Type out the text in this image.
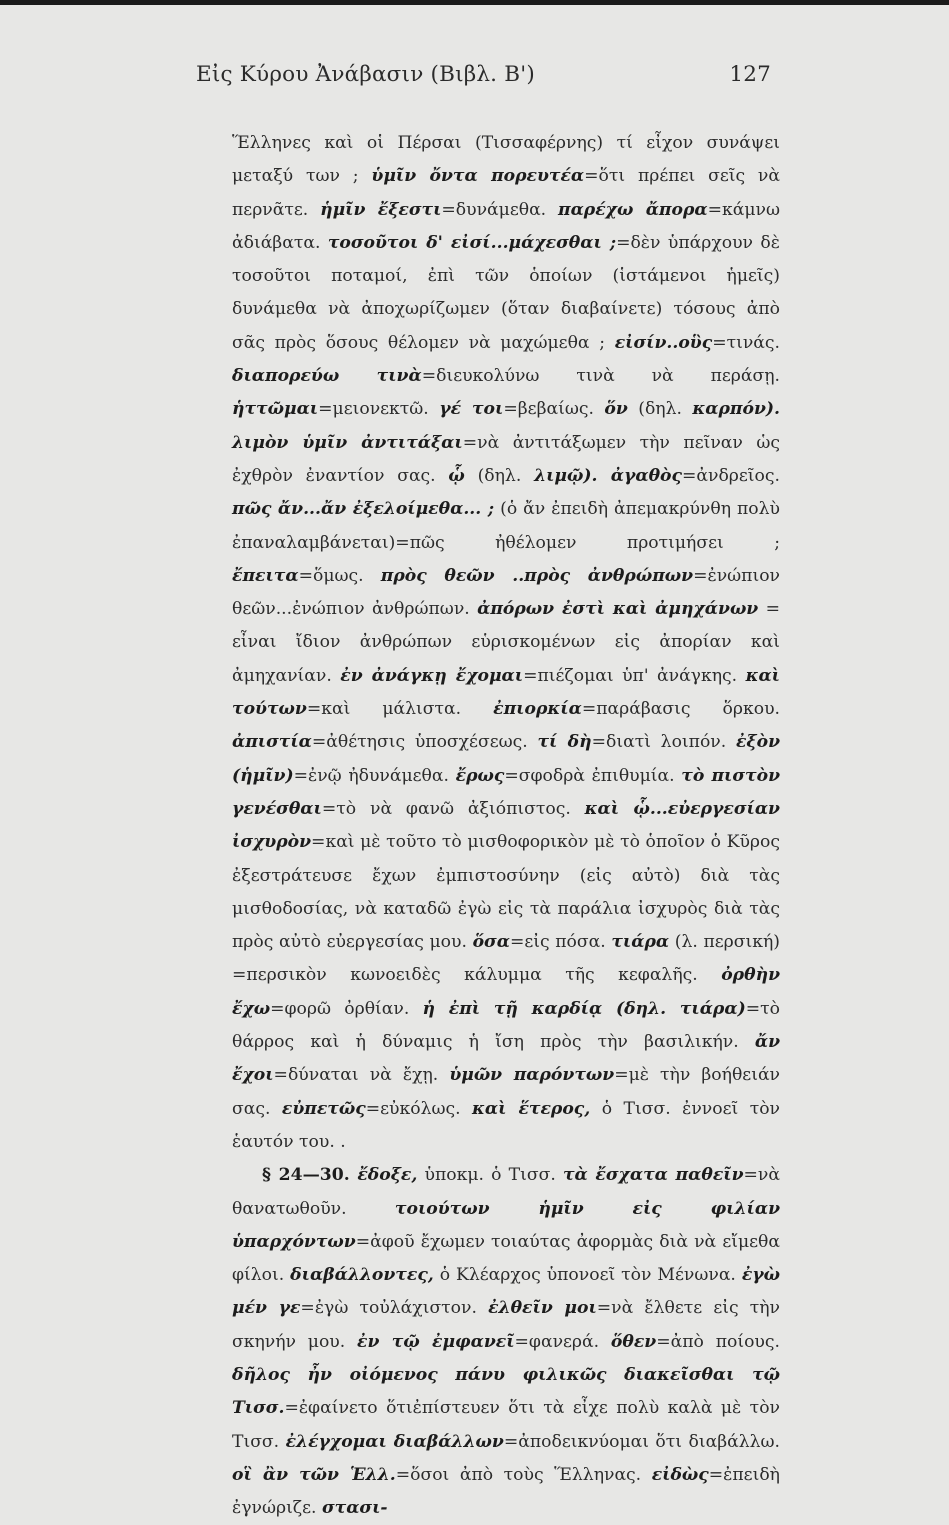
Εἰς Κύρου Ἀνάβασιν (Βιβλ. Β')	127

Ἕλληνες καὶ οἱ Πέρσαι (Τισσαφέρνης) τί εἶχον συνάψει μεταξύ των ; ὑμῖν ὄντα πορευτέα=ὅτι πρέπει σεῖς νὰ περνᾶτε. ἡμῖν ἔξεστι=δυνάμεθα. παρέχω ἄπορα=κάμνω ἀδιάβατα. τοσοῦτοι δ' εἰσί...μάχεσθαι ;=δὲν ὑπάρχουν δὲ τοσοῦτοι ποταμοί, ἐπὶ τῶν ὁποίων (ἱστάμενοι ἡμεῖς) δυνάμεθα νὰ ἀποχωρίζωμεν (ὅταν διαβαίνετε) τόσους ἀπὸ σᾶς πρὸς ὅσους θέλομεν νὰ μαχώμεθα ; εἰσίν..οὓς=τινάς. διαπορεύω τινὰ=διευκολύνω τινὰ νὰ περάσῃ. ἡττῶμαι=μειονεκτῶ. γέ τοι=βεβαίως. ὅν (δηλ. καρπόν). λιμὸν ὑμῖν ἀντιτάξαι=νὰ ἀντιτάξωμεν τὴν πεῖναν ὡς ἐχθρὸν ἐναντίον σας. ᾧ (δηλ. λιμῷ). ἀγαθὸς=ἀνδρεῖος. πῶς ἄν...ἄν ἐξελοίμεθα... ; (ὁ ἄν ἐπειδὴ ἀπεμακρύνθη πολὺ ἐπαναλαμβάνεται)=πῶς ἠθέλομεν προτιμήσει ; ἔπειτα=ὅμως. πρὸς θεῶν ..πρὸς ἀνθρώπων=ἐνώπιον θεῶν...ἐνώπιον ἀνθρώπων. ἀπόρων ἐστὶ καὶ ἀμηχάνων = εἶναι ἴδιον ἀνθρώπων εὑρισκομένων εἰς ἀπορίαν καὶ ἀμηχανίαν. ἐν ἀνάγκῃ ἔχομαι=πιέζομαι ὑπ' ἀνάγκης. καὶ τούτων=καὶ μάλιστα. ἐπιορκία=παράβασις ὅρκου. ἀπιστία=ἀθέτησις ὑποσχέσεως. τί δὴ=διατὶ λοιπόν. ἐξὸν (ἡμῖν)=ἐνῷ ἠδυνάμεθα. ἔρως=σφοδρὰ ἐπιθυμία. τὸ πιστὸν γενέσθαι=τὸ νὰ φανῶ ἀξιόπιστος. καὶ ᾧ...εὐεργεσίαν ἰσχυρὸν=καὶ μὲ τοῦτο τὸ μισθοφορικὸν μὲ τὸ ὁποῖον ὁ Κῦρος ἐξεστράτευσε ἔχων ἐμπιστοσύνην (εἰς αὐτὸ) διὰ τὰς μισθοδοσίας, νὰ καταδῶ ἐγὼ εἰς τὰ παράλια ἰσχυρὸς διὰ τὰς πρὸς αὐτὸ εὐεργεσίας μου. ὅσα=εἰς πόσα. τιάρα (λ. περσική) =περσικὸν κωνοειδὲς κάλυμμα τῆς κεφαλῆς. ὀρθὴν ἔχω=φορῶ ὀρθίαν. ἡ ἐπὶ τῇ καρδίᾳ (δηλ. τιάρα)=τὸ θάρρος καὶ ἡ δύναμις ἡ ἴση πρὸς τὴν βασιλικήν. ἄν ἔχοι=δύναται νὰ ἔχῃ. ὑμῶν παρόντων=μὲ τὴν βοήθειάν σας. εὐπετῶς=εὐκόλως. καὶ ἕτερος, ὁ Τισσ. ἐννοεῖ τὸν ἑαυτόν του. .

§ 24—30. ἔδοξε, ὑποκμ. ὁ Τισσ. τὰ ἔσχατα παθεῖν=νὰ θανατωθοῦν. τοιούτων ἡμῖν εἰς φιλίαν ὑπαρχόντων=ἀφοῦ ἔχωμεν τοιαύτας ἀφορμὰς διὰ νὰ εἴμεθα φίλοι. διαβάλλοντες, ὁ Κλέαρχος ὑπονοεῖ τὸν Μένωνα. ἐγὼ μέν γε=ἐγὼ τοὐλάχιστον. ἐλθεῖν μοι=νὰ ἔλθετε εἰς τὴν σκηνήν μου. ἐν τῷ ἐμφανεῖ=φανερά. ὅθεν=ἀπὸ ποίους. δῆλος ἦν οἰόμενος πάνυ φιλικῶς διακεῖσθαι τῷ Τισσ.=ἐφαίνετο ὅτιἐπίστευεν ὅτι τὰ εἶχε πολὺ καλὰ μὲ τὸν Τισσ. ἐλέγχομαι διαβάλλων=ἀποδεικνύομαι ὅτι διαβάλλω. οἳ ἂν τῶν Ἑλλ.=ὅσοι ἀπὸ τοὺς Ἕλληνας. εἰδὼς=ἐπειδὴ ἐγνώριζε. στασι-
